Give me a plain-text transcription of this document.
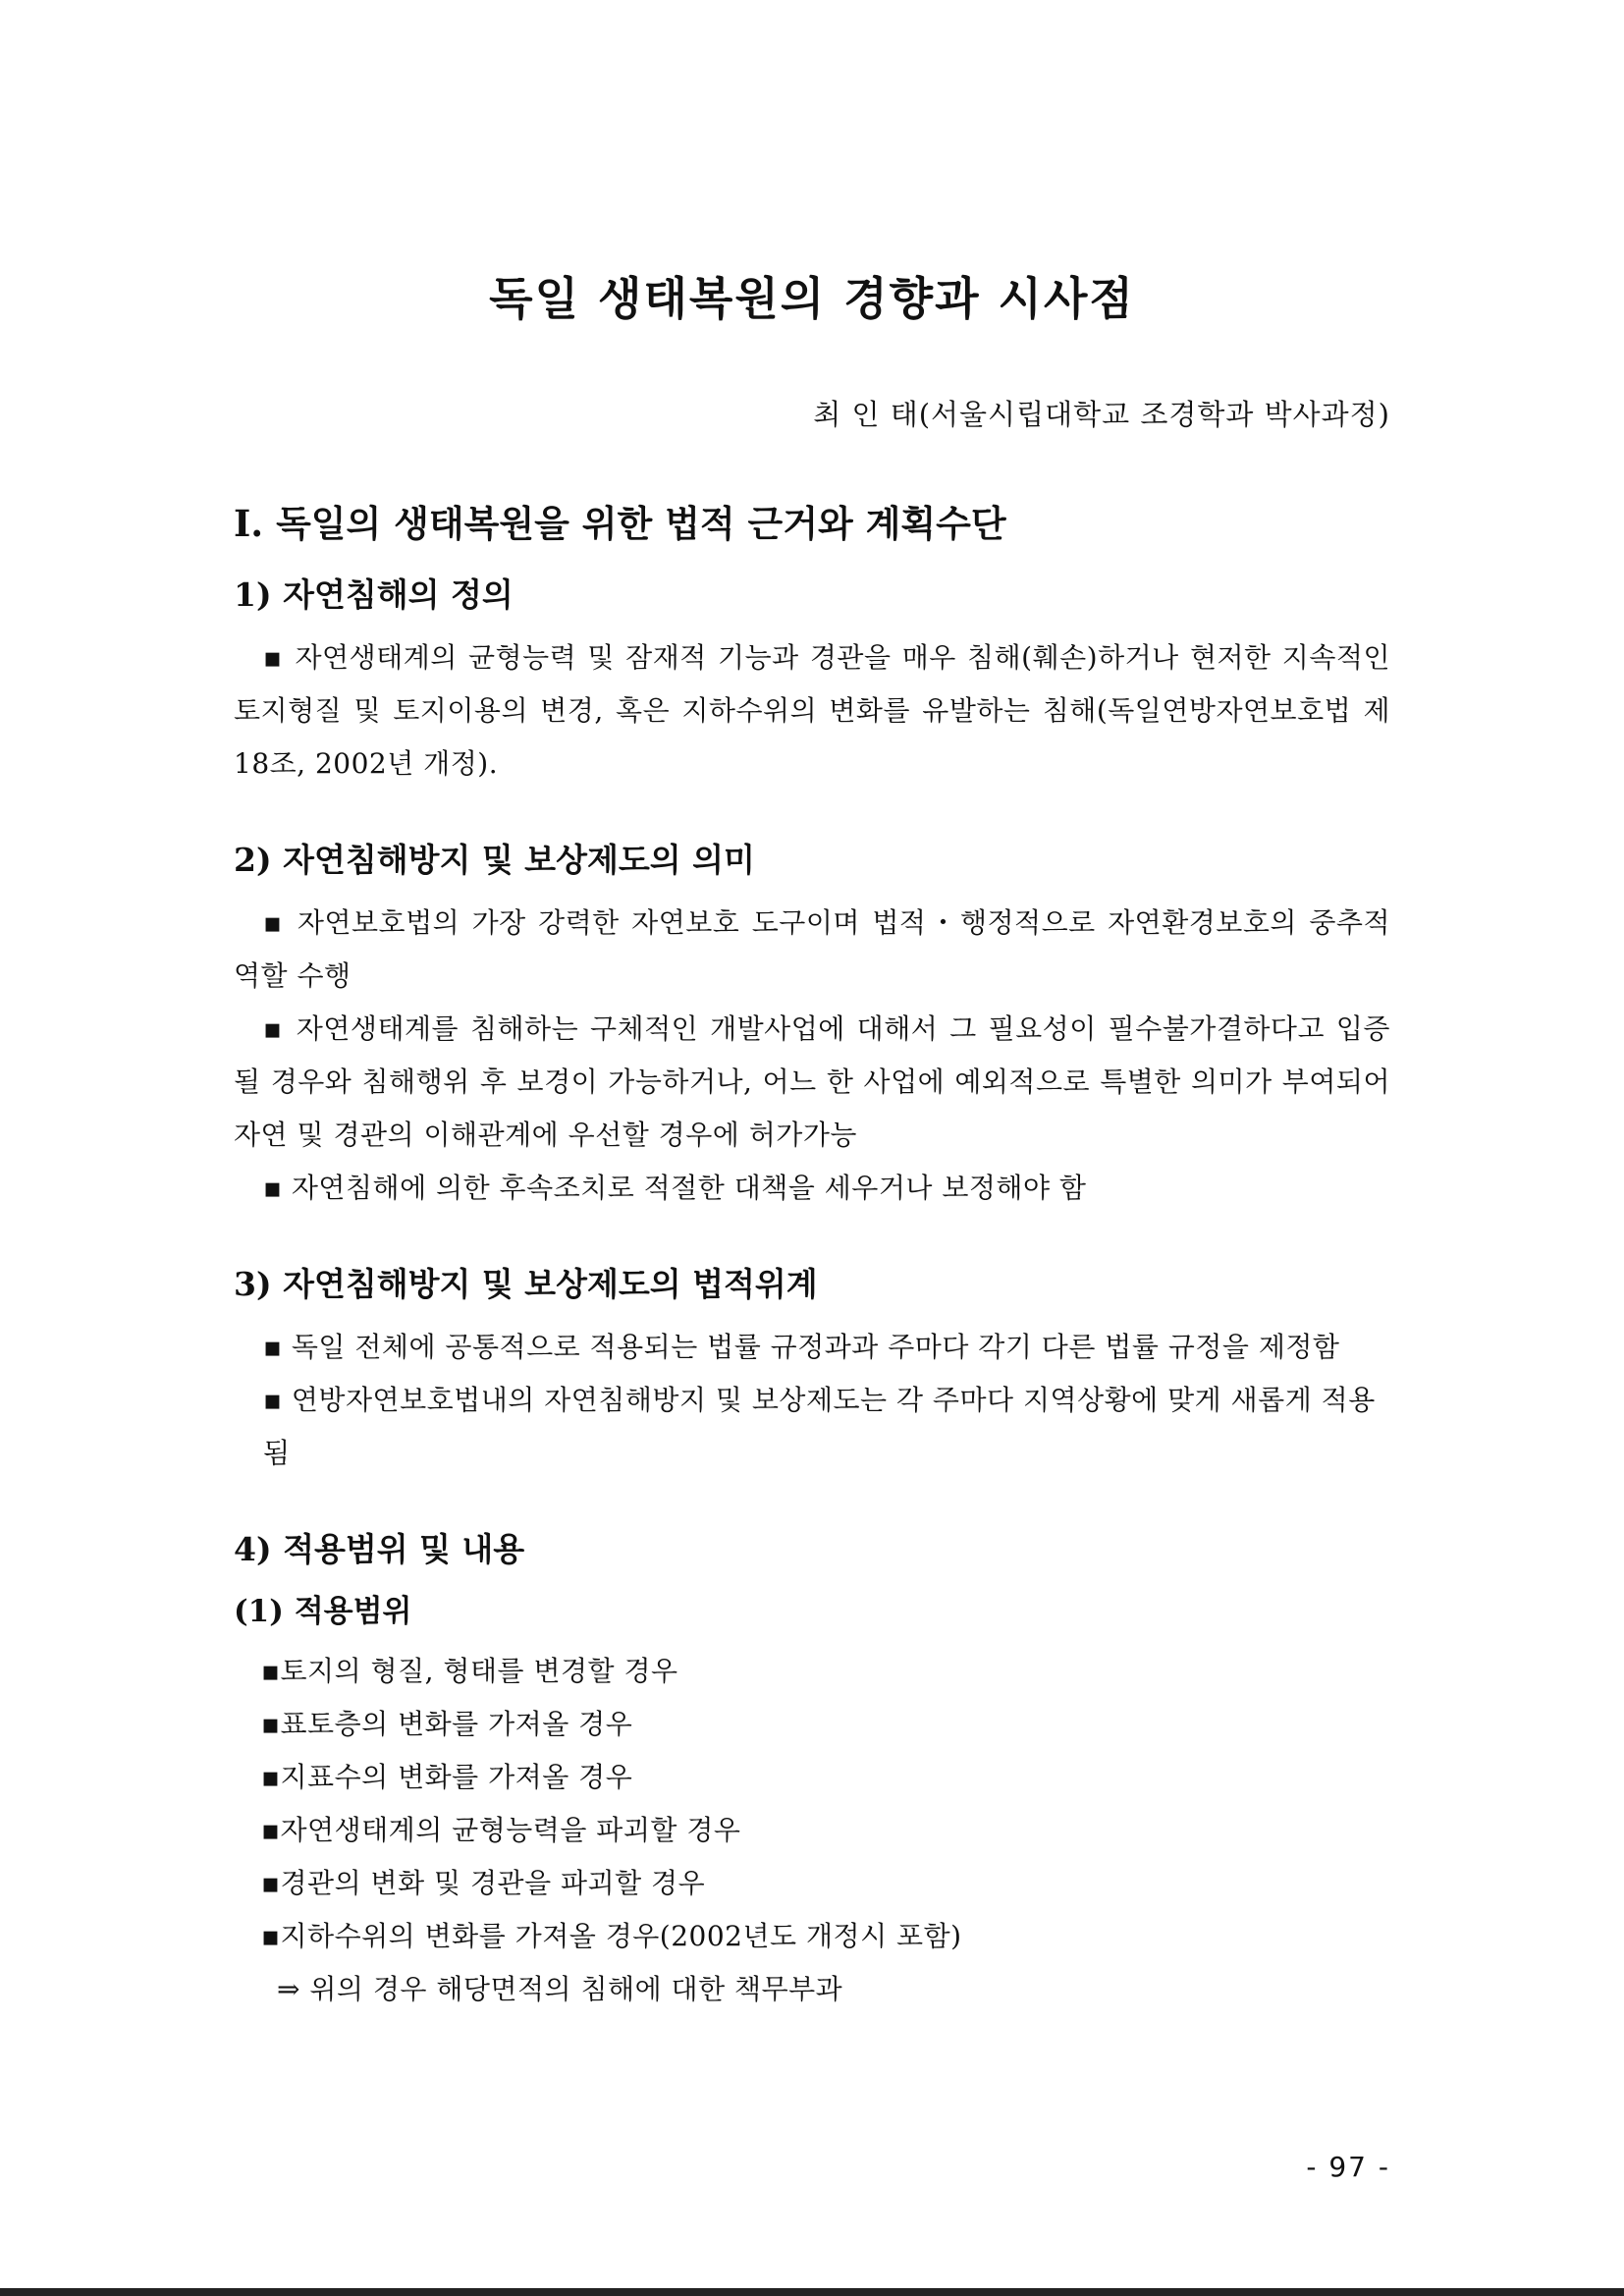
독일 생태복원의 경향과 시사점
최 인 태(서울시립대학교 조경학과 박사과정)
I. 독일의 생태복원을 위한 법적 근거와 계획수단
1) 자연침해의 정의

▪ 자연생태계의 균형능력 및 잠재적 기능과 경관을 매우 침해(훼손)하거나 현저한 지속적인 토지형질 및 토지이용의 변경, 혹은 지하수위의 변화를 유발하는 침해(독일연방자연보호법 제 18조, 2002년 개정).

2) 자연침해방지 및 보상제도의 의미

▪ 자연보호법의 가장 강력한 자연보호 도구이며 법적・행정적으로 자연환경보호의 중추적 역할 수행

▪ 자연생태계를 침해하는 구체적인 개발사업에 대해서 그 필요성이 필수불가결하다고 입증될 경우와 침해행위 후 보경이 가능하거나, 어느 한 사업에 예외적으로 특별한 의미가 부여되어 자연 및 경관의 이해관계에 우선할 경우에 허가가능

▪ 자연침해에 의한 후속조치로 적절한 대책을 세우거나 보정해야 함

3) 자연침해방지 및 보상제도의 법적위계

▪ 독일 전체에 공통적으로 적용되는 법률 규정과과 주마다 각기 다른 법률 규정을 제정함

▪ 연방자연보호법내의 자연침해방지 및 보상제도는 각 주마다 지역상황에 맞게 새롭게 적용됨

4) 적용범위 및 내용
(1) 적용범위

▪토지의 형질, 형태를 변경할 경우

▪표토층의 변화를 가져올 경우

▪지표수의 변화를 가져올 경우

▪자연생태계의 균형능력을 파괴할 경우

▪경관의 변화 및 경관을 파괴할 경우

▪지하수위의 변화를 가져올 경우(2002년도 개정시 포함)

⇒ 위의 경우 해당면적의 침해에 대한 책무부과

- 97 -
